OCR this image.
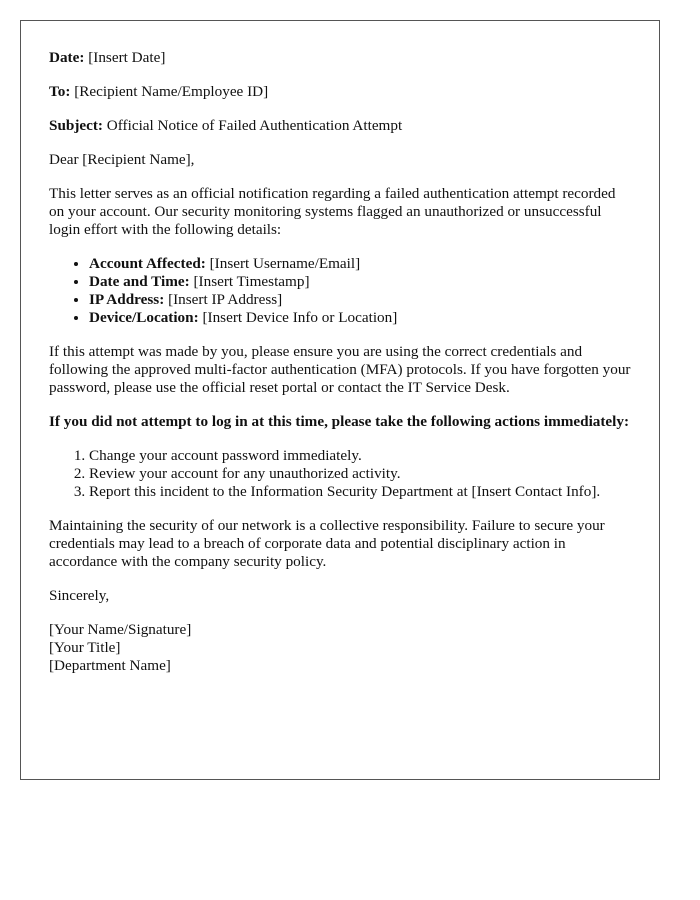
Date: [Insert Date]

To: [Recipient Name/Employee ID]

Subject: Official Notice of Failed Authentication Attempt

Dear [Recipient Name],

This letter serves as an official notification regarding a failed authentication attempt recorded on your account. Our security monitoring systems flagged an unauthorized or unsuccessful login effort with the following details:

• Account Affected: [Insert Username/Email]
• Date and Time: [Insert Timestamp]
• IP Address: [Insert IP Address]
• Device/Location: [Insert Device Info or Location]

If this attempt was made by you, please ensure you are using the correct credentials and following the approved multi-factor authentication (MFA) protocols. If you have forgotten your password, please use the official reset portal or contact the IT Service Desk.

If you did not attempt to log in at this time, please take the following actions immediately:

1. Change your account password immediately.
2. Review your account for any unauthorized activity.
3. Report this incident to the Information Security Department at [Insert Contact Info].

Maintaining the security of our network is a collective responsibility. Failure to secure your credentials may lead to a breach of corporate data and potential disciplinary action in accordance with the company security policy.

Sincerely,

[Your Name/Signature]
[Your Title]
[Department Name]
